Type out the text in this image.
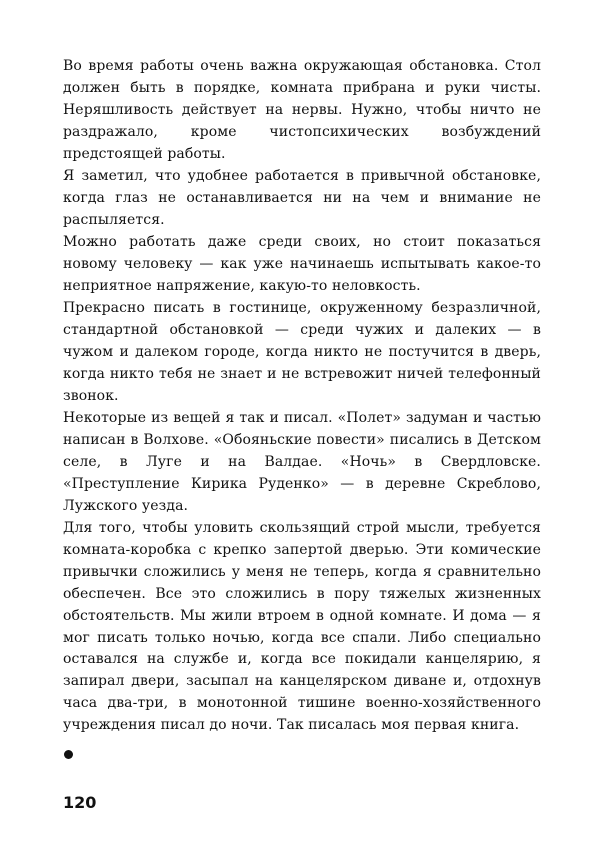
Во время работы очень важна окружающая обстановка. Стол должен быть в порядке, комната прибрана и руки чисты. Неряшливость действует на нервы. Нужно, чтобы ничто не раздражало, кроме чистопсихических возбуждений предстоящей работы.

Я заметил, что удобнее работается в привычной обстановке, когда глаз не останавливается ни на чем и внимание не распыляется.

Можно работать даже среди своих, но стоит показаться новому человеку — как уже начинаешь испытывать какое-то неприятное напряжение, какую-то неловкость.

Прекрасно писать в гостинице, окруженному безразличной, стандартной обстановкой — среди чужих и далеких — в чужом и далеком городе, когда никто не постучится в дверь, когда никто тебя не знает и не встревожит ничей телефонный звонок.

Некоторые из вещей я так и писал. «Полет» задуман и частью написан в Волхове. «Обояньские повести» писались в Детском селе, в Луге и на Валдае. «Ночь» в Свердловске. «Преступление Кирика Руденко» — в деревне Скреблово, Лужского уезда.

Для того, чтобы уловить скользящий строй мысли, требуется комната-коробка с крепко запертой дверью. Эти комические привычки сложились у меня не теперь, когда я сравнительно обеспечен. Все это сложились в пору тяжелых жизненных обстоятельств. Мы жили втроем в одной комнате. И дома — я мог писать только ночью, когда все спали. Либо специально оставался на службе и, когда все покидали канцелярию, я запирал двери, засыпал на канцелярском диване и, отдохнув часа два-три, в монотонной тишине военно-хозяйственного учреждения писал до ночи. Так писалась моя первая книга.

120
